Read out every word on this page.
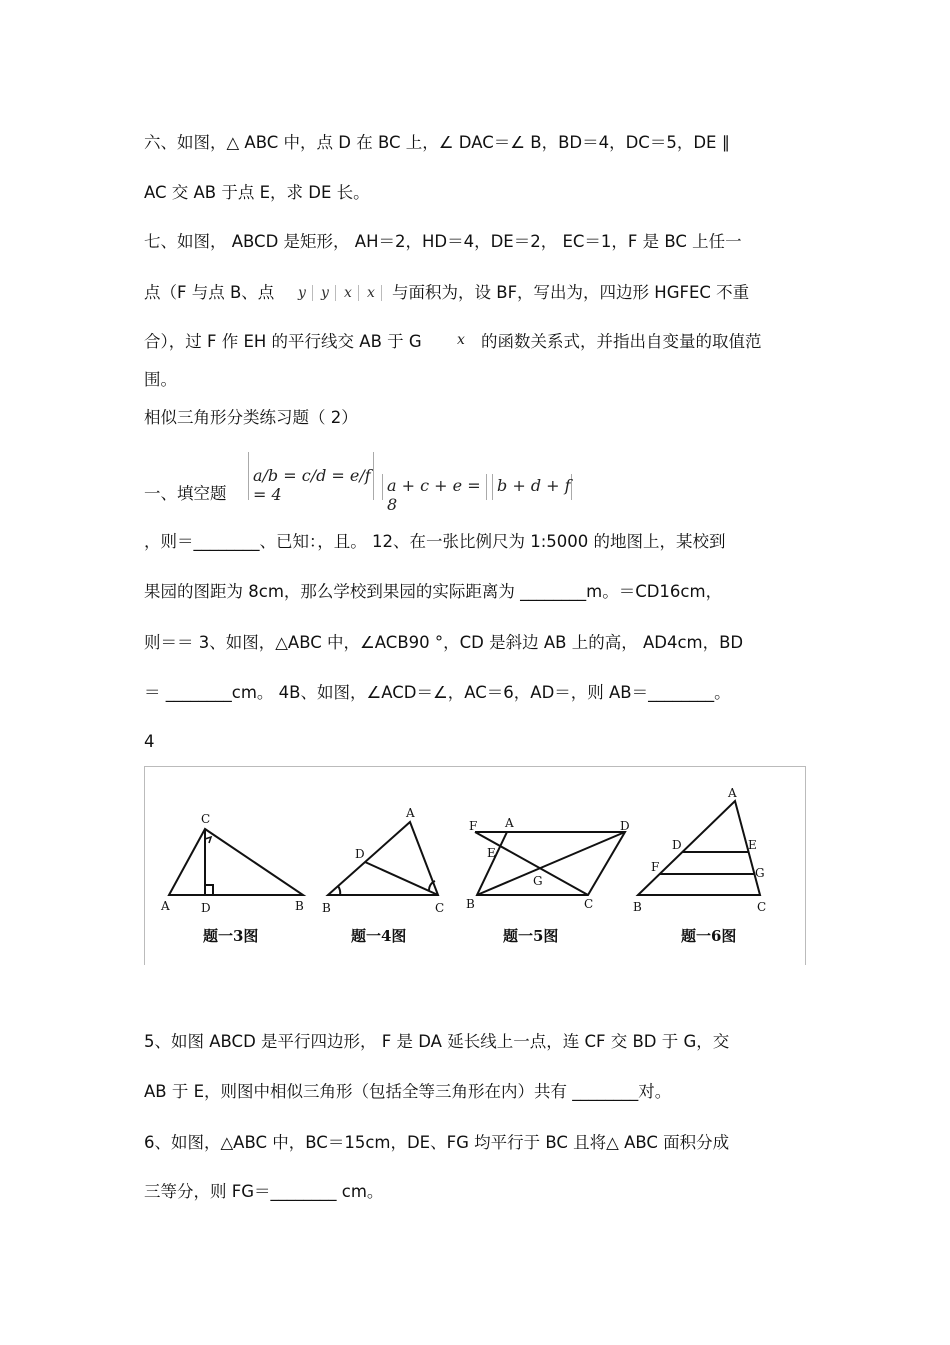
六、如图，△ ABC 中，点 D 在 BC 上，∠ DAC＝∠ B，BD＝4，DC＝5，DE ∥
AC 交 AB 于点 E，求 DE 长。
七、如图， ABCD 是矩形， AH＝2，HD＝4，DE＝2， EC＝1，F 是 BC 上任一
点（F 与点 B、点	y y x x	与面积为，设 BF，写出为，四边形 HGFEC 不重
合），过 F 作 EH 的平行线交 AB 于 G	x 的函数关系式，并指出自变量的取值范
围。
相似三角形分类练习题（ 2）
a/b = c/d = e/f = 4	a + c + e = 8
b + d + f
一、填空题
，则＝________、已知：，且。 12、在一张比例尺为 1:5000 的地图上，某校到
果园的图距为 8cm，那么学校到果园的实际距离为 ________m。＝CD16cm，
则＝＝ 3、如图，△ABC 中，∠ACB90 °，CD 是斜边 AB 上的高， AD4cm，BD
＝ ________cm。 4B、如图，∠ACD＝∠，AC＝6，AD＝，则 AB＝________。
4
C
A	D	B
A
D
B	C
F A	D
E
G
B	C
A
D	E
F	G
B	C
题一3图	题一4图	题一5图	题一6图
5、如图 ABCD 是平行四边形， F 是 DA 延长线上一点，连 CF 交 BD 于 G，交
AB 于 E，则图中相似三角形（包括全等三角形在内）共有 ________对。
6、如图，△ABC 中，BC＝15cm，DE、FG 均平行于 BC 且将△ ABC 面积分成
三等分，则 FG＝________ cm。
